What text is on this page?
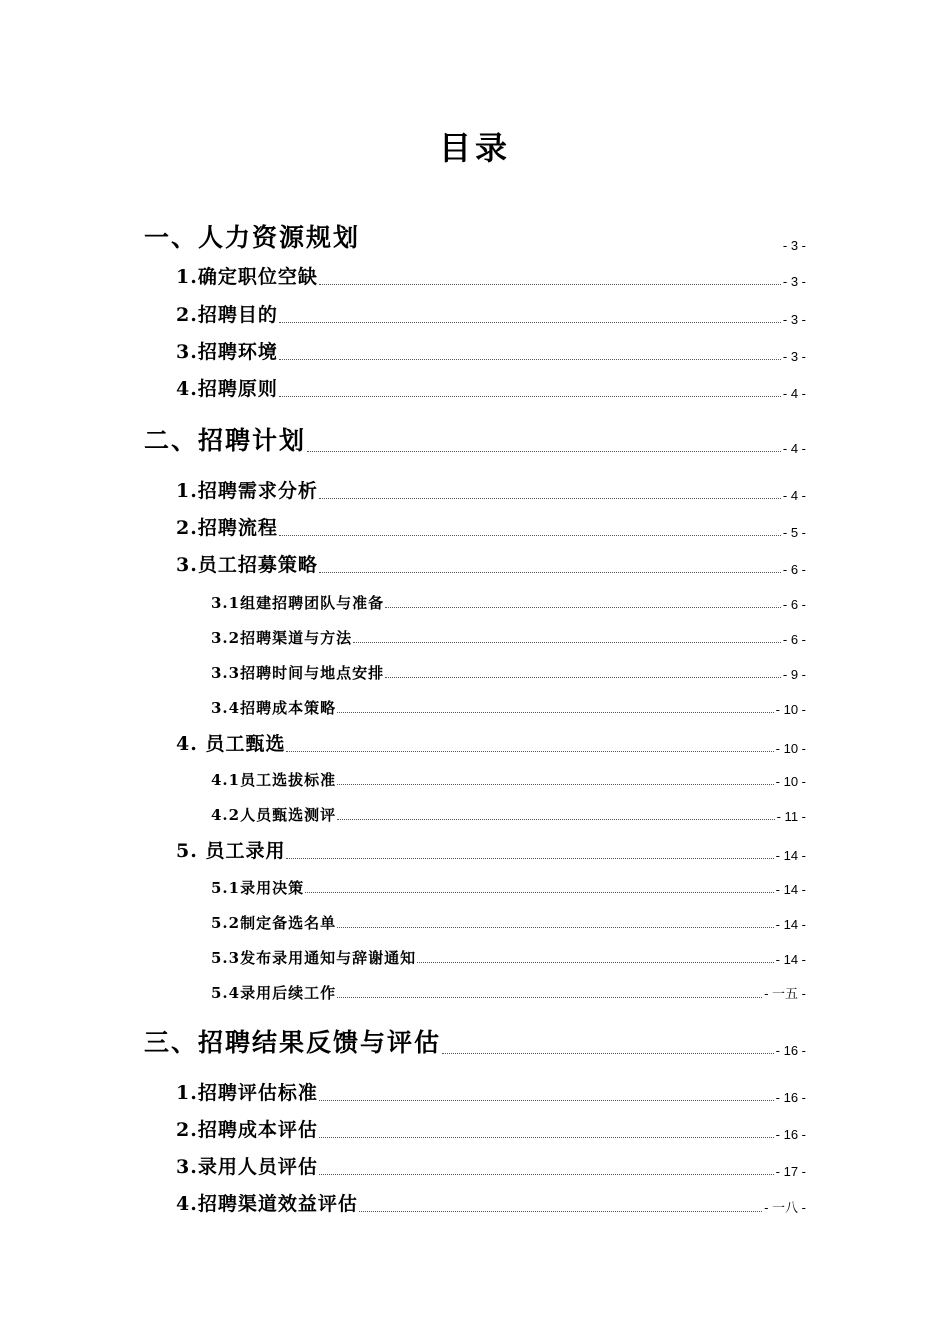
目录
一、人力资源规划	- 3 -
1.确定职位空缺	- 3 -
2.招聘目的	- 3 -
3.招聘环境	- 3 -
4.招聘原则	- 4 -
二、招聘计划	- 4 -
1.招聘需求分析	- 4 -
2.招聘流程	- 5 -
3.员工招募策略	- 6 -
3.1组建招聘团队与准备	- 6 -
3.2招聘渠道与方法	- 6 -
3.3招聘时间与地点安排	- 9 -
3.4招聘成本策略	- 10 -
4. 员工甄选	- 10 -
4.1员工选拔标准	- 10 -
4.2人员甄选测评	- 11 -
5. 员工录用	- 14 -
5.1录用决策	- 14 -
5.2制定备选名单	- 14 -
5.3发布录用通知与辞谢通知	- 14 -
5.4录用后续工作	- 一五 -
三、招聘结果反馈与评估	- 16 -
1.招聘评估标准	- 16 -
2.招聘成本评估	- 16 -
3.录用人员评估	- 17 -
4.招聘渠道效益评估	- 一八 -
